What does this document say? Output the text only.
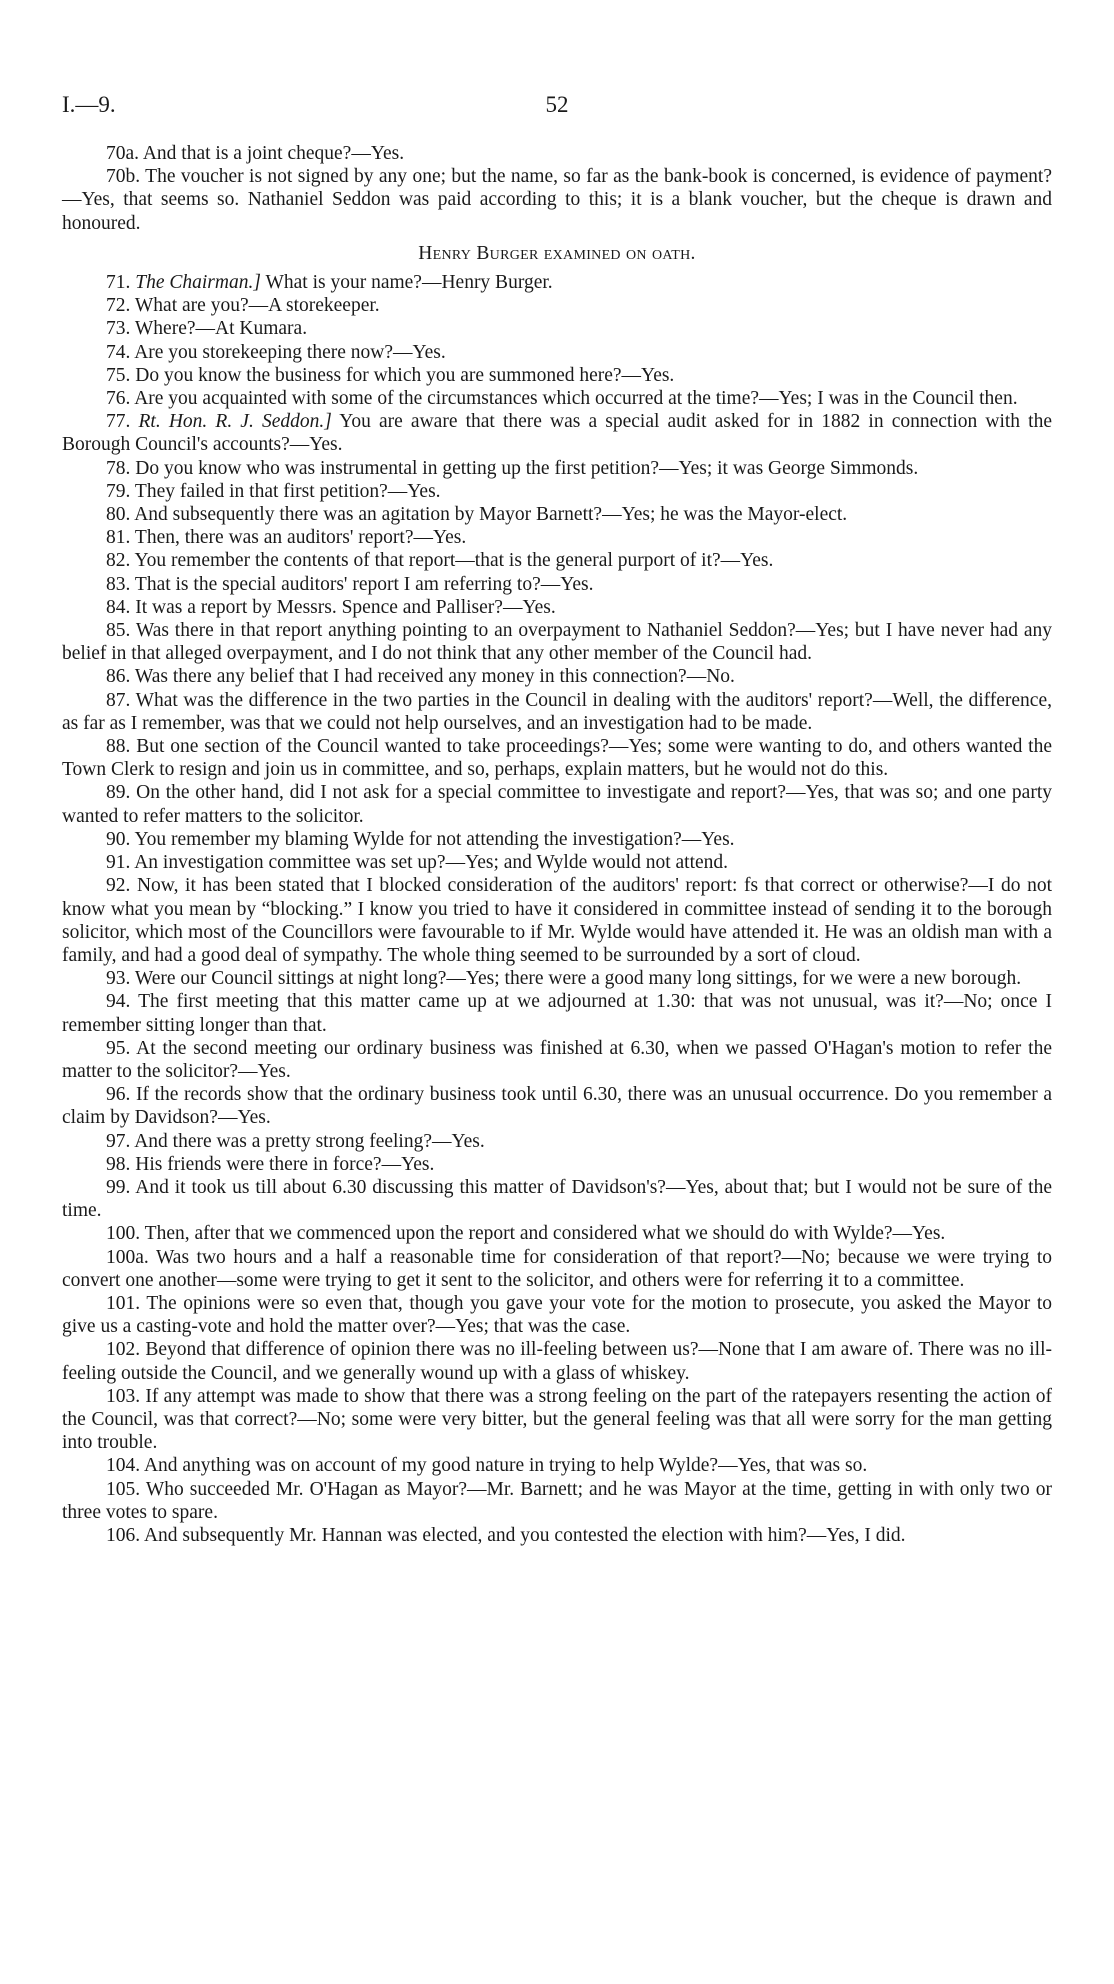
I.—9.	52

70a. And that is a joint cheque?—Yes.

70b. The voucher is not signed by any one; but the name, so far as the bank-book is concerned, is evidence of payment?—Yes, that seems so. Nathaniel Seddon was paid according to this; it is a blank voucher, but the cheque is drawn and honoured.

Henry Burger examined on oath.

71. The Chairman.] What is your name?—Henry Burger.

72. What are you?—A storekeeper.

73. Where?—At Kumara.

74. Are you storekeeping there now?—Yes.

75. Do you know the business for which you are summoned here?—Yes.

76. Are you acquainted with some of the circumstances which occurred at the time?—Yes; I was in the Council then.

77. Rt. Hon. R. J. Seddon.] You are aware that there was a special audit asked for in 1882 in connection with the Borough Council's accounts?—Yes.

78. Do you know who was instrumental in getting up the first petition?—Yes; it was George Simmonds.

79. They failed in that first petition?—Yes.

80. And subsequently there was an agitation by Mayor Barnett?—Yes; he was the Mayor-elect.

81. Then, there was an auditors' report?—Yes.

82. You remember the contents of that report—that is the general purport of it?—Yes.

83. That is the special auditors' report I am referring to?—Yes.

84. It was a report by Messrs. Spence and Palliser?—Yes.

85. Was there in that report anything pointing to an overpayment to Nathaniel Seddon?—Yes; but I have never had any belief in that alleged overpayment, and I do not think that any other member of the Council had.

86. Was there any belief that I had received any money in this connection?—No.

87. What was the difference in the two parties in the Council in dealing with the auditors' report?—Well, the difference, as far as I remember, was that we could not help ourselves, and an investigation had to be made.

88. But one section of the Council wanted to take proceedings?—Yes; some were wanting to do, and others wanted the Town Clerk to resign and join us in committee, and so, perhaps, explain matters, but he would not do this.

89. On the other hand, did I not ask for a special committee to investigate and report?—Yes, that was so; and one party wanted to refer matters to the solicitor.

90. You remember my blaming Wylde for not attending the investigation?—Yes.

91. An investigation committee was set up?—Yes; and Wylde would not attend.

92. Now, it has been stated that I blocked consideration of the auditors' report: fs that correct or otherwise?—I do not know what you mean by “blocking.” I know you tried to have it considered in committee instead of sending it to the borough solicitor, which most of the Councillors were favourable to if Mr. Wylde would have attended it. He was an oldish man with a family, and had a good deal of sympathy. The whole thing seemed to be surrounded by a sort of cloud.

93. Were our Council sittings at night long?—Yes; there were a good many long sittings, for we were a new borough.

94. The first meeting that this matter came up at we adjourned at 1.30: that was not unusual, was it?—No; once I remember sitting longer than that.

95. At the second meeting our ordinary business was finished at 6.30, when we passed O'Hagan's motion to refer the matter to the solicitor?—Yes.

96. If the records show that the ordinary business took until 6.30, there was an unusual occurrence. Do you remember a claim by Davidson?—Yes.

97. And there was a pretty strong feeling?—Yes.

98. His friends were there in force?—Yes.

99. And it took us till about 6.30 discussing this matter of Davidson's?—Yes, about that; but I would not be sure of the time.

100. Then, after that we commenced upon the report and considered what we should do with Wylde?—Yes.

100a. Was two hours and a half a reasonable time for consideration of that report?—No; because we were trying to convert one another—some were trying to get it sent to the solicitor, and others were for referring it to a committee.

101. The opinions were so even that, though you gave your vote for the motion to prosecute, you asked the Mayor to give us a casting-vote and hold the matter over?—Yes; that was the case.

102. Beyond that difference of opinion there was no ill-feeling between us?—None that I am aware of. There was no ill-feeling outside the Council, and we generally wound up with a glass of whiskey.

103. If any attempt was made to show that there was a strong feeling on the part of the ratepayers resenting the action of the Council, was that correct?—No; some were very bitter, but the general feeling was that all were sorry for the man getting into trouble.

104. And anything was on account of my good nature in trying to help Wylde?—Yes, that was so.

105. Who succeeded Mr. O'Hagan as Mayor?—Mr. Barnett; and he was Mayor at the time, getting in with only two or three votes to spare.

106. And subsequently Mr. Hannan was elected, and you contested the election with him?—Yes, I did.
